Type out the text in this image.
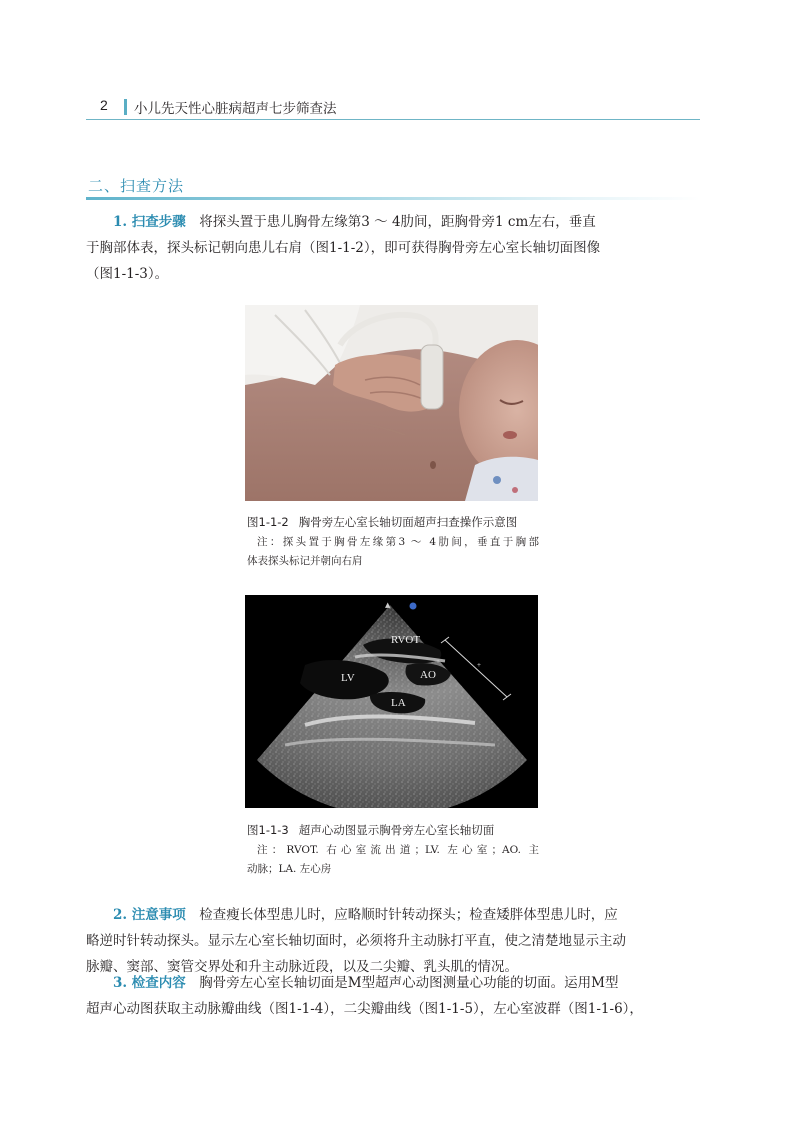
2 小儿先天性心脏病超声七步筛查法
二、扫查方法
1. 扫查步骤  将探头置于患儿胸骨左缘第3 ～ 4肋间，距胸骨旁1 cm左右，垂直
于胸部体表，探头标记朝向患儿右肩（图1-1-2），即可获得胸骨旁左心室长轴切面图像
（图1-1-3）。
图1-1-2 胸骨旁左心室长轴切面超声扫查操作示意图
注：探头置于胸骨左缘第3 ～ 4肋间，垂直于胸部
体表探头标记并朝向右肩
+
▲
RVOT
AO
LV
LA
图1-1-3 超声心动图显示胸骨旁左心室长轴切面
注：RVOT. 右心室流出道；LV. 左心室；AO. 主
动脉；LA. 左心房
2. 注意事项  检查瘦长体型患儿时，应略顺时针转动探头；检查矮胖体型患儿时，应
略逆时针转动探头。显示左心室长轴切面时，必须将升主动脉打平直，使之清楚地显示主动
脉瓣、窦部、窦管交界处和升主动脉近段，以及二尖瓣、乳头肌的情况。
3. 检查内容  胸骨旁左心室长轴切面是M型超声心动图测量心功能的切面。运用M型
超声心动图获取主动脉瓣曲线（图1-1-4），二尖瓣曲线（图1-1-5），左心室波群（图1-1-6），
